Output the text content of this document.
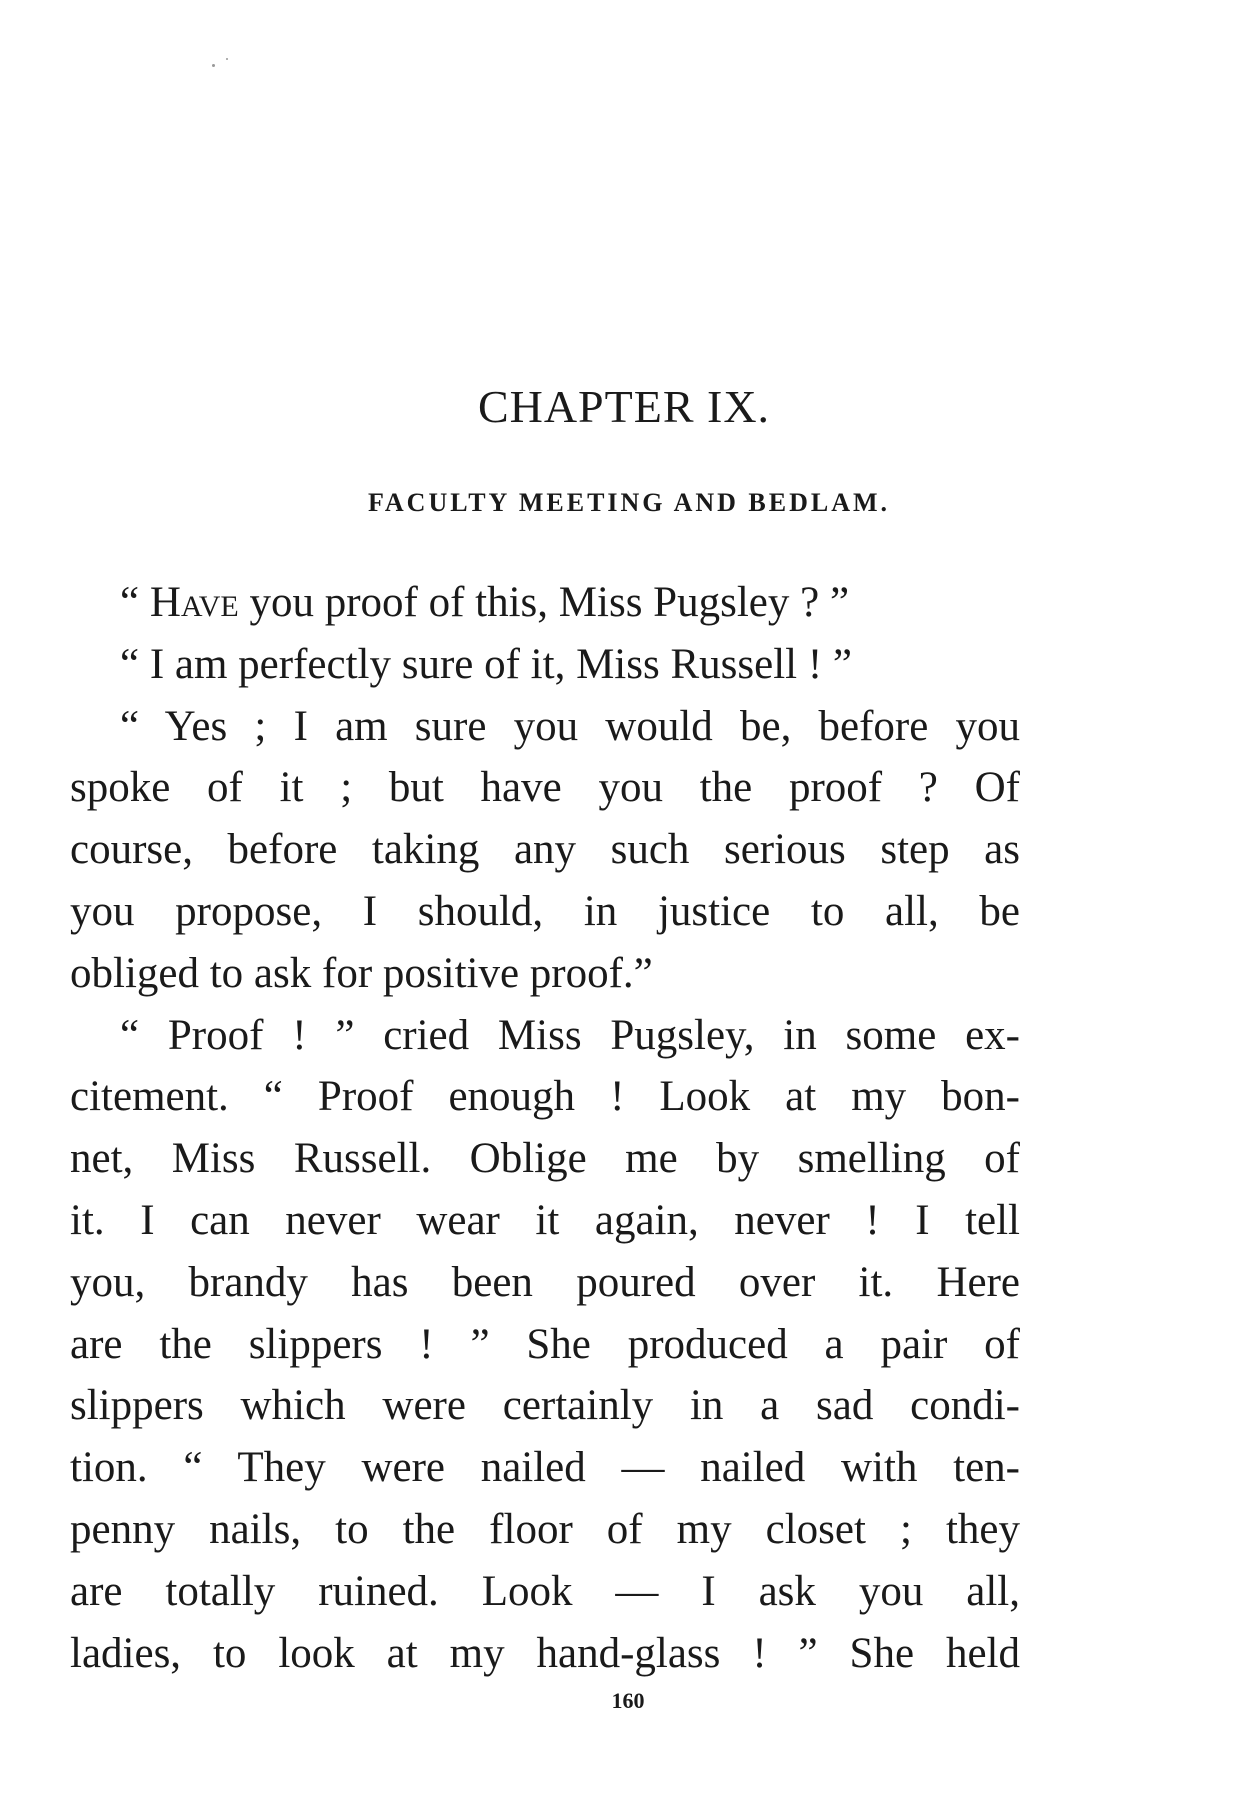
CHAPTER IX.
FACULTY MEETING AND BEDLAM.
“ Have you proof of this, Miss Pugsley ? ”
“ I am perfectly sure of it, Miss Russell ! ”
“ Yes ; I am sure you would be, before you
spoke of it ; but have you the proof ? Of
course, before taking any such serious step as
you propose, I should, in justice to all, be
obliged to ask for positive proof.”
“ Proof ! ” cried Miss Pugsley, in some ex-
citement. “ Proof enough ! Look at my bon-
net, Miss Russell. Oblige me by smelling of
it. I can never wear it again, never ! I tell
you, brandy has been poured over it. Here
are the slippers ! ” She produced a pair of
slippers which were certainly in a sad condi-
tion. “ They were nailed — nailed with ten-
penny nails, to the floor of my closet ; they
are totally ruined. Look — I ask you all,
ladies, to look at my hand-glass ! ” She held
160
